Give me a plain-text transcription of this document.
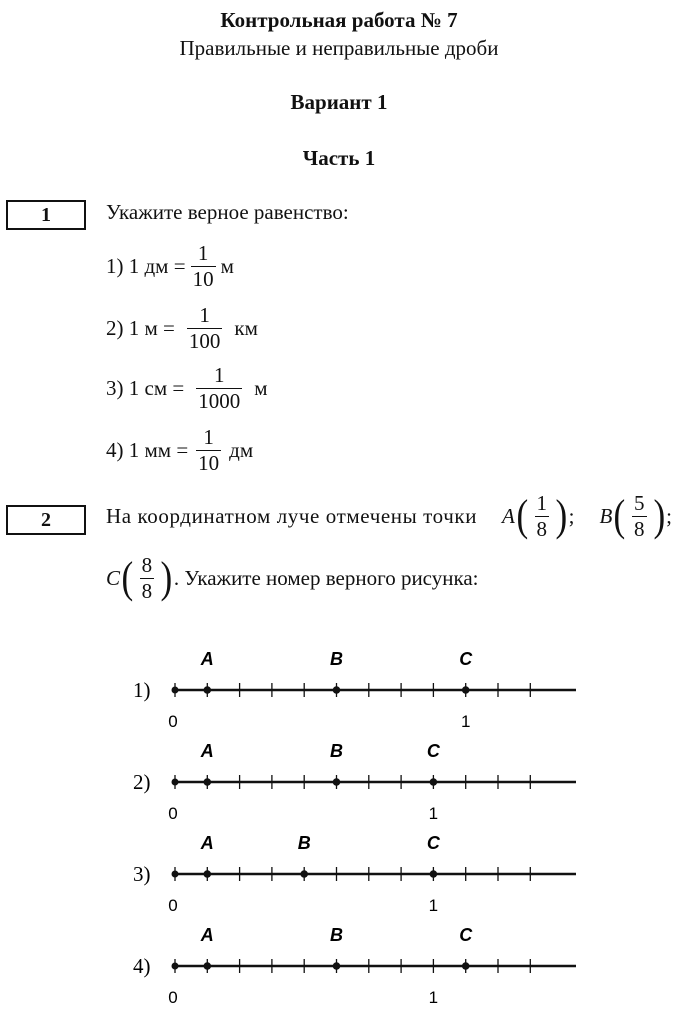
Контрольная работа № 7
Правильные и неправильные дроби
Вариант 1
Часть 1
1	Укажите верное равенство:
1) 1 дм = $\frac{1}{10}$ м
2) 1 $м = \frac{1}{100}$ км
3) 1 см = $\frac{1}{1000}$ м
4) 1 мм = $\frac{1}{10}$ дм
2	На координатном луче отмечены точки A ( $\frac{1}{8}$ ) ; B ( $\frac{5}{8}$ ) ;
C ( $\frac{8}{8}$ ) . Укажите номер верного рисунка:
1)
A	B	C
0	1
2)
A	B	C
0	1
3)
A	B	C
0	1
4)
A	B	C
0	1
